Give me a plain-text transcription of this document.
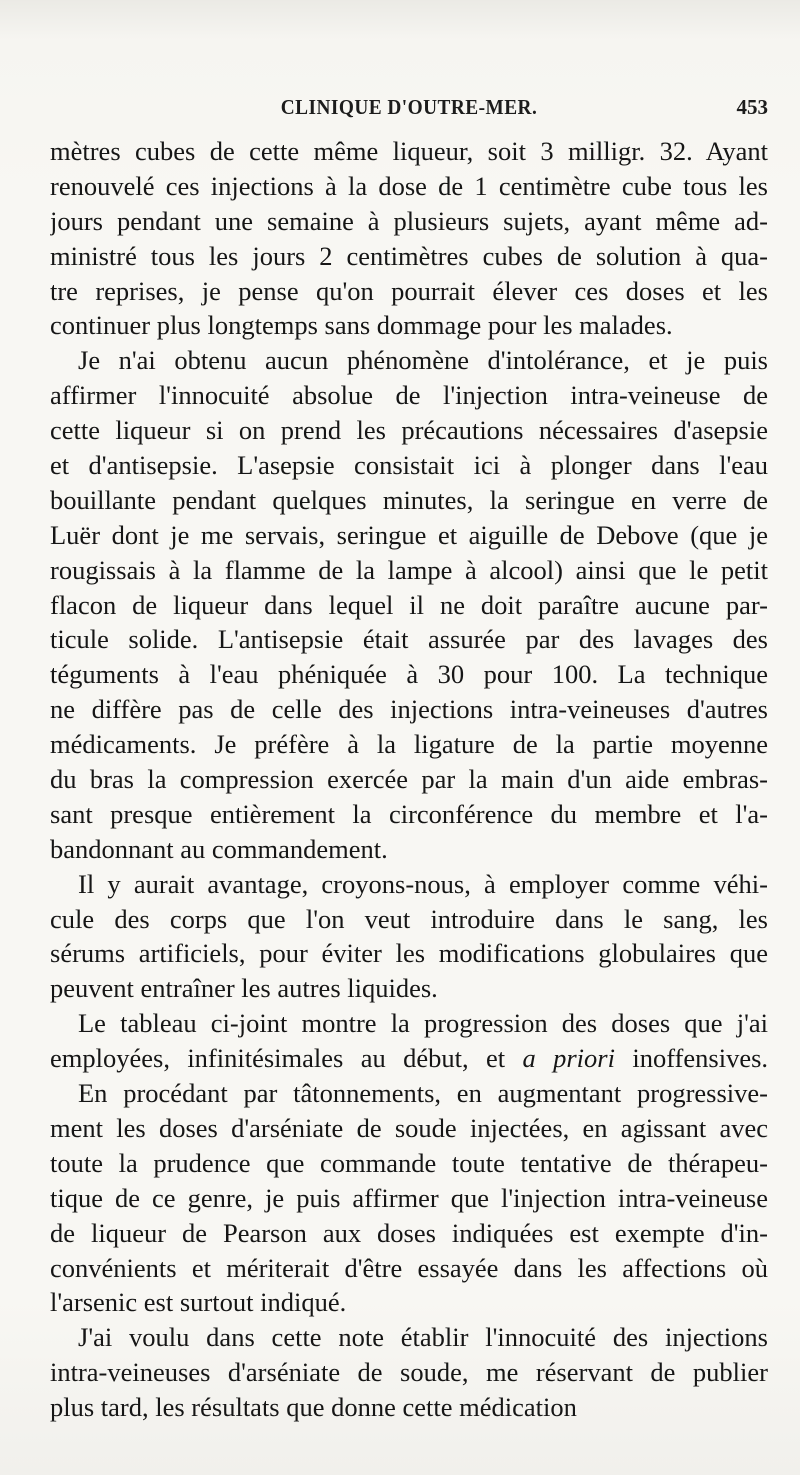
CLINIQUE D'OUTRE-MER.	453
mètres cubes de cette même liqueur, soit 3 milligr. 32. Ayant
renouvelé ces injections à la dose de 1 centimètre cube tous les
jours pendant une semaine à plusieurs sujets, ayant même ad-
ministré tous les jours 2 centimètres cubes de solution à qua-
tre reprises, je pense qu'on pourrait élever ces doses et les
continuer plus longtemps sans dommage pour les malades.
Je n'ai obtenu aucun phénomène d'intolérance, et je puis
affirmer l'innocuité absolue de l'injection intra-veineuse de
cette liqueur si on prend les précautions nécessaires d'asepsie
et d'antisepsie. L'asepsie consistait ici à plonger dans l'eau
bouillante pendant quelques minutes, la seringue en verre de
Luër dont je me servais, seringue et aiguille de Debove (que je
rougissais à la flamme de la lampe à alcool) ainsi que le petit
flacon de liqueur dans lequel il ne doit paraître aucune par-
ticule solide. L'antisepsie était assurée par des lavages des
téguments à l'eau phéniquée à 30 pour 100. La technique
ne diffère pas de celle des injections intra-veineuses d'autres
médicaments. Je préfère à la ligature de la partie moyenne
du bras la compression exercée par la main d'un aide embras-
sant presque entièrement la circonférence du membre et l'a-
bandonnant au commandement.
Il y aurait avantage, croyons-nous, à employer comme véhi-
cule des corps que l'on veut introduire dans le sang, les
sérums artificiels, pour éviter les modifications globulaires que
peuvent entraîner les autres liquides.
Le tableau ci-joint montre la progression des doses que j'ai
employées, infinitésimales au début, et a priori inoffensives.
En procédant par tâtonnements, en augmentant progressive-
ment les doses d'arséniate de soude injectées, en agissant avec
toute la prudence que commande toute tentative de thérapeu-
tique de ce genre, je puis affirmer que l'injection intra-veineuse
de liqueur de Pearson aux doses indiquées est exempte d'in-
convénients et mériterait d'être essayée dans les affections où
l'arsenic est surtout indiqué.
J'ai voulu dans cette note établir l'innocuité des injections
intra-veineuses d'arséniate de soude, me réservant de publier
plus tard, les résultats que donne cette médication
